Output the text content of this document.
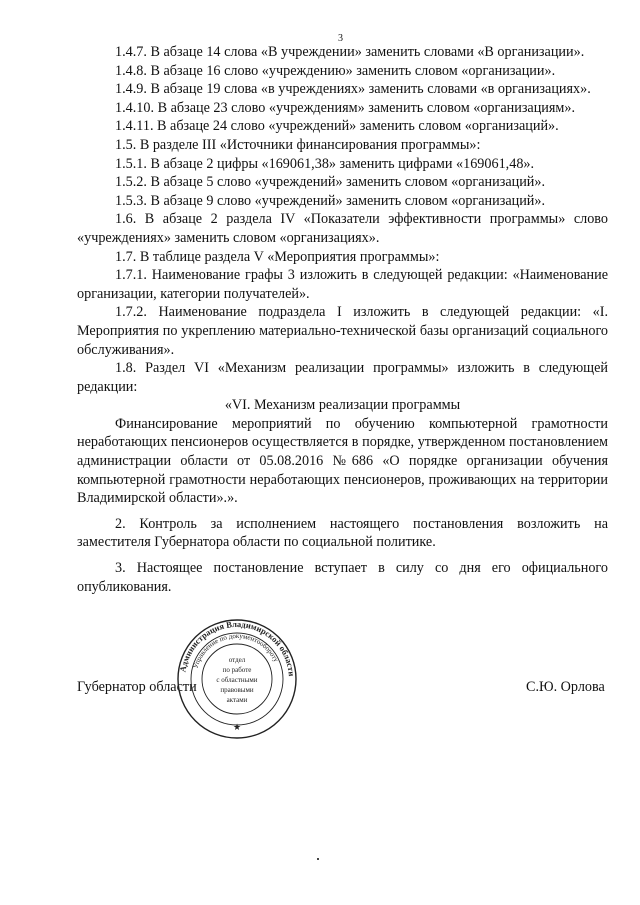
3

1.4.7. В абзаце 14 слова «В учреждении» заменить словами «В организации».

1.4.8. В абзаце 16 слово «учреждению» заменить словом «организации».

1.4.9. В абзаце 19 слова «в учреждениях» заменить словами «в организациях».

1.4.10. В абзаце 23 слово «учреждениям» заменить словом «организациям».

1.4.11. В абзаце 24 слово «учреждений» заменить словом «организаций».

1.5. В разделе III «Источники финансирования программы»:

1.5.1. В абзаце 2 цифры «169061,38» заменить цифрами «169061,48».

1.5.2. В абзаце 5 слово «учреждений» заменить словом «организаций».

1.5.3. В абзаце 9 слово «учреждений» заменить словом «организаций».

1.6. В абзаце 2 раздела IV «Показатели эффективности программы» слово «учреждениях» заменить словом «организациях».

1.7. В таблице раздела V «Мероприятия программы»:

1.7.1. Наименование графы 3 изложить в следующей редакции: «Наименование организации, категории получателей».

1.7.2. Наименование подраздела I изложить в следующей редакции: «I. Мероприятия по укреплению материально-технической базы организаций социального обслуживания».

1.8. Раздел VI «Механизм реализации программы» изложить в следующей редакции:

«VI. Механизм реализации программы

Финансирование мероприятий по обучению компьютерной грамотности неработающих пенсионеров осуществляется в порядке, утвержденном постановлением администрации области от 05.08.2016 №686 «О порядке организации обучения компьютерной грамотности неработающих пенсионеров, проживающих на территории Владимирской области».».

2. Контроль за исполнением настоящего постановления возложить на заместителя Губернатора области по социальной политике.

3. Настоящее постановление вступает в силу со дня его официального опубликования.

Губернатор области	С.Ю. Орлова
Администрация Владимирской области
Управление по документообороту
отдел
по работе
с областными
правовыми
актами
★
